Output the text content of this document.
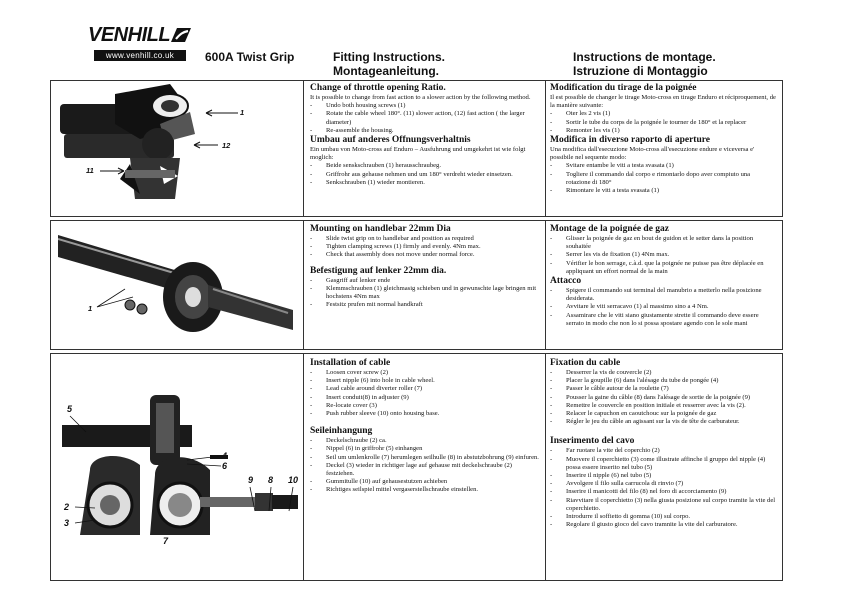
VENHILL
www.venhill.co.uk	600A Twist Grip	Fitting Instructions.
Montageanleitung.
Instructions de montage.
Istruzione di Montaggio
1
12
11
Change of throttle opening Ratio.

It is possible to change from fast action to a slower action by the following method.

- Undo both housing screws (1)
- Rotate the cable wheel 180°. (11) slower action, (12) fast action ( the larger diameter)
- Re-assemble the housing.
Umbau auf anderes Offnungsverhaltnis

Ein umbau von Moto-cross auf Enduro – Ausfuhrung und umgekehrt ist wie folgt moglich:

- Beide senskschrauben (1) herausschraubeg.
- Griffrohr aus gehause nehmen und um 180° verdreht wieder einsetzen.
- Senkschrauben (1) wieder montieren.
Modification du tirage de la poignée

Il est possible de changer le tirage Moto-cross en tirage Enduro et réciproquement, de la manière suivante:

- Oter les 2 vis (1)
- Sortir le tube du corps de la poignée le tourner de 180° et la replacer
- Remonter les vis (1)
Modifica in diverso raporto di aperture

Una modifica dall'esecuzione Moto-cross all'esecuzione endure e viceversa e' possibile nel sequente modo:

- Svitare entambe le viti a testa svasata (1)
- Togliere il commando dal corpo e rimontarlo dopo aver compiuto una rotazione di 180°
- Rimontare le viti a testa svasata (1)
1
Mounting on handlebar 22mm Dia
- Slide twist grip on to handlebar and position as required
- Tighten clamping screws (1) firmly and evenly. 4Nm max.
- Check that assembly does not move under normal force.
Befestigung auf lenker 22mm dia.
- Gasgriff auf lenker ende
- Klemmschrauben (1) gleichmasig schieben und in gewunschte lage bringen mit hochstens 4Nm max
- Festsitz prufen mit normal handkraft
Montage de la poignée de gaz
- Glisser la poignée de gaz en bout de guidon et le setter dans la position souhaitée
- Serrer les vis de fixation (1) 4Nm max.
- Vérifier le bon serrage, c.à.d. que la poignée ne puisse pas être déplacée en appliquant un effort normal de la main
Attacco
- Spigere il commando sui terminal del manubrio a metterlo nella posizione desiderata.
- Avvitare le viti serracavo (1) al massimo sino a 4 Nm.
- Assamirare che le viti siano giustamente strette il commando deve essere serrato in modo che non lo si possa spostare agendo con le sole mani
5
4
6
9 8 10
2
3
7
Installation of cable
- Loosen cover screw (2)
- Insert nipple (6) into hole in cable wheel.
- Lead cable around diverter roller (7)
- Insert conduit(8) in adjuster (9)
- Re-locate cover (3)
- Push rubber sleeve (10) onto housing base.
Seileinhangung
- Deckelschraube (2) ca.
- Nippel (6) in griffrohr (5) einhangen
- Seil um umlenkrolle (7) herumlegen seilhulle (8) in abstutzbohrung (9) einfuren.
- Deckel (3) wieder in richtiger lage auf gehause mit deckelschraube (2) festziehen.
- Gummitulle (10) auf gehausestutzen achieben
- Richtiges seilspiel mittel vergaserstellschraube einstellen.
Fixation du cable
- Desserrer la vis de couvercle (2)
- Placer la goupille (6) dans l'alésage du tube de pongée (4)
- Passer le câble autour de la roulette (7)
- Pousser la gaine du câble (8) dans l'alésage de sortie de la poignée (9)
- Remettre le couvercle en position initiale et resserrer avec la vis (2).
- Relacer le capuchon en caoutchouc sur la poignée de gaz
- Régler le jeu du câble an agissant sur la vis de tête de carburateur.
Inserimento del cavo
- Far ruotare la vite del coperchio (2)
- Muovere il coperchietto (3) come illustrate affinche il gruppo del nipple (4) possa essere inserito nel tubo (5)
- Inserire il nipple (6) nel tubo (5)
- Avvolgere il filo sulla carrucola di rinvio (7)
- Inserire il manicotti del filo (8) nel foro di accorciamento (9)
- Riavvitare il coperchietto (3) nella giusta posizione sul corpo tramite la vite del coperchietto.
- Introdurre il soffietto di gomma (10) sul corpo.
- Regolare il giusto gioco del cavo tramnite la vite del carburatore.
